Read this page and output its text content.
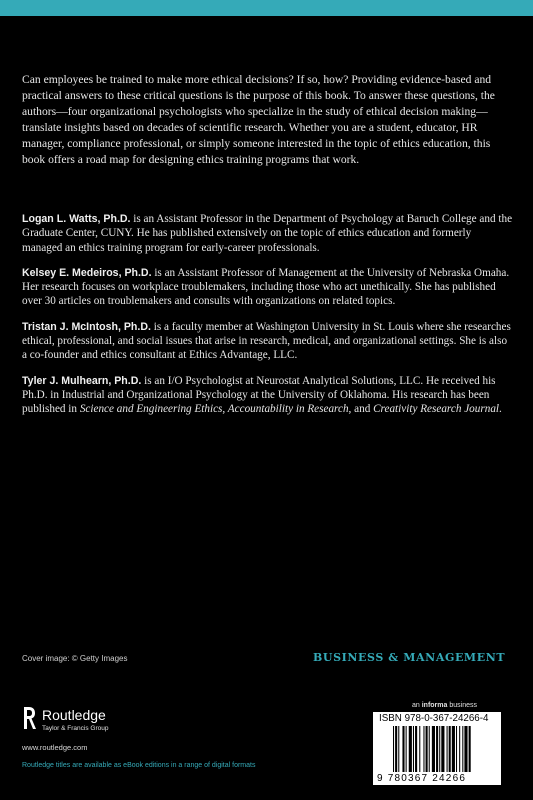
Can employees be trained to make more ethical decisions? If so, how? Providing evidence-based and practical answers to these critical questions is the purpose of this book. To answer these questions, the authors—four organizational psychologists who specialize in the study of ethical decision making—translate insights based on decades of scientific research. Whether you are a student, educator, HR manager, compliance professional, or simply someone interested in the topic of ethics education, this book offers a road map for designing ethics training programs that work.

Logan L. Watts, Ph.D. is an Assistant Professor in the Department of Psychology at Baruch College and the Graduate Center, CUNY. He has published extensively on the topic of ethics education and formerly managed an ethics training program for early-career professionals.

Kelsey E. Medeiros, Ph.D. is an Assistant Professor of Management at the University of Nebraska Omaha. Her research focuses on workplace troublemakers, including those who act unethically. She has published over 30 articles on troublemakers and consults with organizations on related topics.

Tristan J. McIntosh, Ph.D. is a faculty member at Washington University in St. Louis where she researches ethical, professional, and social issues that arise in research, medical, and organizational settings. She is also a co-founder and ethics consultant at Ethics Advantage, LLC.

Tyler J. Mulhearn, Ph.D. is an I/O Psychologist at Neurostat Analytical Solutions, LLC. He received his Ph.D. in Industrial and Organizational Psychology at the University of Oklahoma. His research has been published in Science and Engineering Ethics, Accountability in Research, and Creativity Research Journal.

Cover image: © Getty Images	BUSINESS & MANAGEMENT
Routledge
Taylor & Francis Group
www.routledge.com
Routledge titles are available as eBook editions in a range of digital formats
an informa business
ISBN 978-0-367-24266-4
9 780367 24266
